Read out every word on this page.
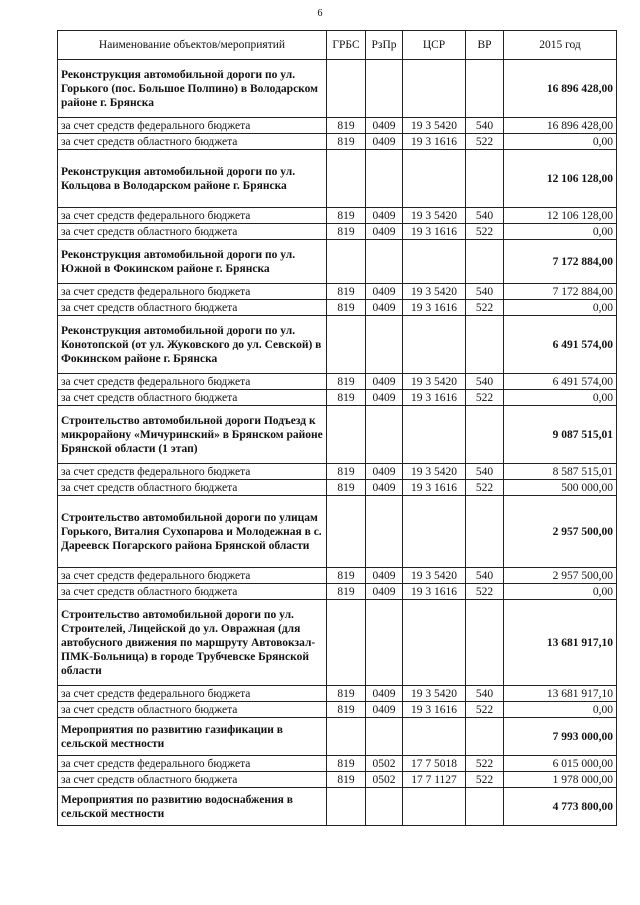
6
Наименование объектов/мероприятий	ГРБС	РзПр	ЦСР	ВР	2015 год
Реконструкция автомобильной дороги по ул. Горького (пос. Большое Полпино) в Володарском районе г. Брянска					16 896 428,00
за счет средств федерального бюджета	819	0409	19 3 5420	540	16 896 428,00
за счет средств областного бюджета	819	0409	19 3 1616	522	0,00
Реконструкция автомобильной дороги по ул. Кольцова в Володарском районе г. Брянска					12 106 128,00
за счет средств федерального бюджета	819	0409	19 3 5420	540	12 106 128,00
за счет средств областного бюджета	819	0409	19 3 1616	522	0,00
Реконструкция автомобильной дороги по ул. Южной в Фокинском районе г. Брянска					7 172 884,00
за счет средств федерального бюджета	819	0409	19 3 5420	540	7 172 884,00
за счет средств областного бюджета	819	0409	19 3 1616	522	0,00
Реконструкция автомобильной дороги по ул. Конотопской (от ул. Жуковского до ул. Севской) в Фокинском районе г. Брянска					6 491 574,00
за счет средств федерального бюджета	819	0409	19 3 5420	540	6 491 574,00
за счет средств областного бюджета	819	0409	19 3 1616	522	0,00
Строительство автомобильной дороги Подъезд к микрорайону «Мичуринский» в Брянском районе Брянской области (1 этап)					9 087 515,01
за счет средств федерального бюджета	819	0409	19 3 5420	540	8 587 515,01
за счет средств областного бюджета	819	0409	19 3 1616	522	500 000,00
Строительство автомобильной дороги по улицам Горького, Виталия Сухопарова и Молодежная в с. Дареевск Погарского района Брянской области					2 957 500,00
за счет средств федерального бюджета	819	0409	19 3 5420	540	2 957 500,00
за счет средств областного бюджета	819	0409	19 3 1616	522	0,00
Строительство автомобильной дороги по ул. Строителей, Лицейской до ул. Овражная (для автобусного движения по маршруту Автовокзал-ПМК-Больница) в городе Трубчевске Брянской области					13 681 917,10
за счет средств федерального бюджета	819	0409	19 3 5420	540	13 681 917,10
за счет средств областного бюджета	819	0409	19 3 1616	522	0,00
Мероприятия по развитию газификации в сельской местности					7 993 000,00
за счет средств федерального бюджета	819	0502	17 7 5018	522	6 015 000,00
за счет средств областного бюджета	819	0502	17 7 1127	522	1 978 000,00
Мероприятия по развитию водоснабжения в сельской местности					4 773 800,00
